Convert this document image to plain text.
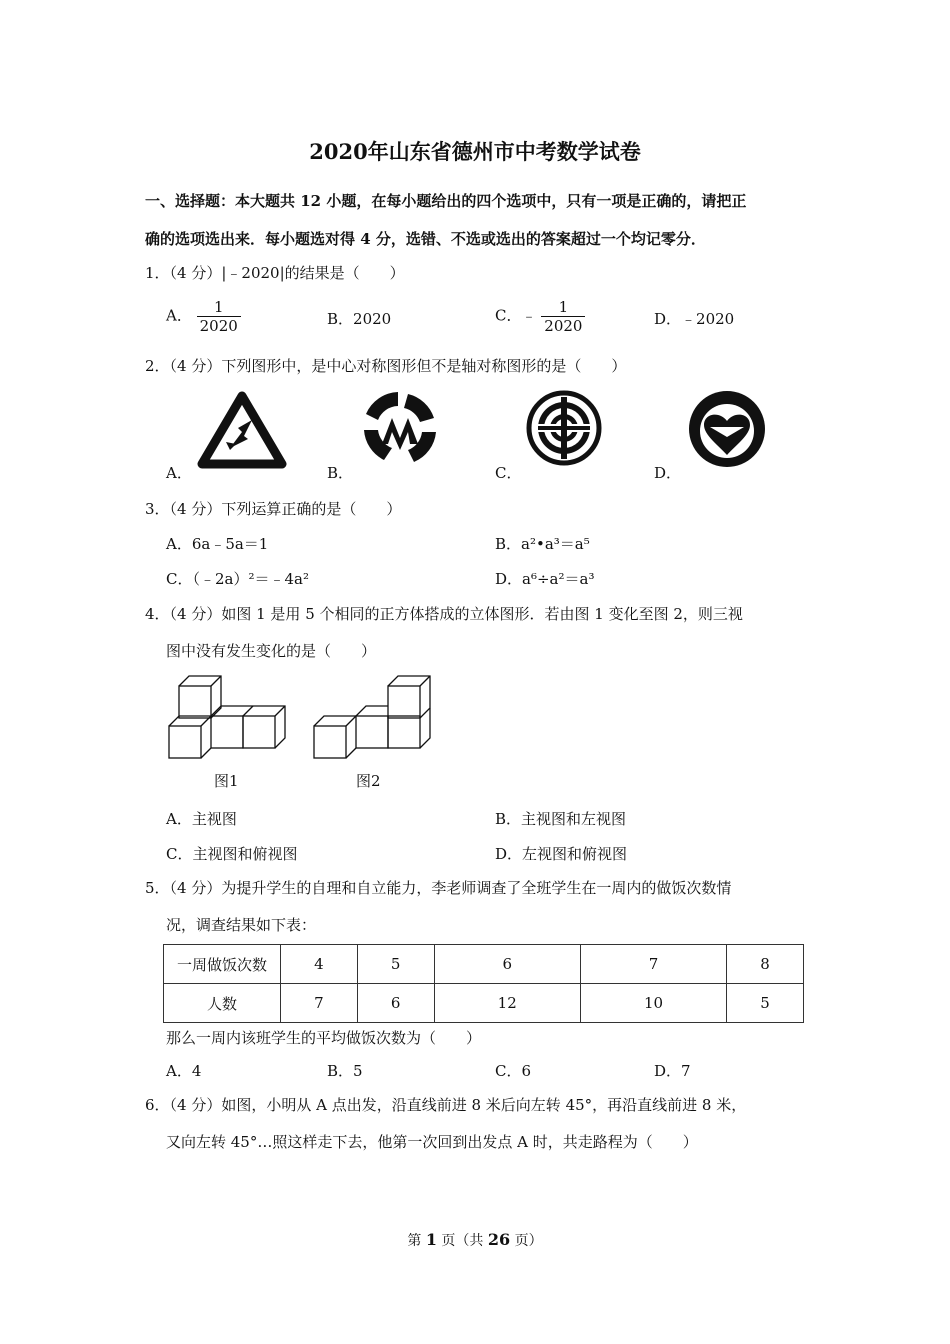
2020年山东省德州市中考数学试卷
一、选择题：本大题共 12 小题，在每小题给出的四个选项中，只有一项是正确的，请把正
确的选项选出来．每小题选对得 4 分，选错、不选或选出的答案超过一个均记零分．
1．（4 分）|﹣2020|的结果是（　　）
A． $\frac{1}{2020}$	B．2020	C．﹣ $\frac{1}{2020}$	D．﹣2020
2．（4 分）下列图形中，是中心对称图形但不是轴对称图形的是（　　）
A．	B．	C．	D．
3．（4 分）下列运算正确的是（　　）
A．6a﹣5a＝1	B．a²•a³＝a⁵
C．（﹣2a）²＝﹣4a²	D．a⁶÷a²＝a³
4．（4 分）如图 1 是用 5 个相同的正方体搭成的立体图形．若由图 1 变化至图 2，则三视
图中没有发生变化的是（　　）
图1	图2
A．主视图	B．主视图和左视图
C．主视图和俯视图	D．左视图和俯视图
5．（4 分）为提升学生的自理和自立能力，李老师调查了全班学生在一周内的做饭次数情
况，调查结果如下表：
一周做饭次数	4	5	6	7	8
人数	7	6	12	10	5
那么一周内该班学生的平均做饭次数为（　　）
A．4	B．5	C．6	D．7
6．（4 分）如图，小明从 A 点出发，沿直线前进 8 米后向左转 45°，再沿直线前进 8 米，
又向左转 45°…照这样走下去，他第一次回到出发点 A 时，共走路程为（　　）
第 1 页（共 26 页）
